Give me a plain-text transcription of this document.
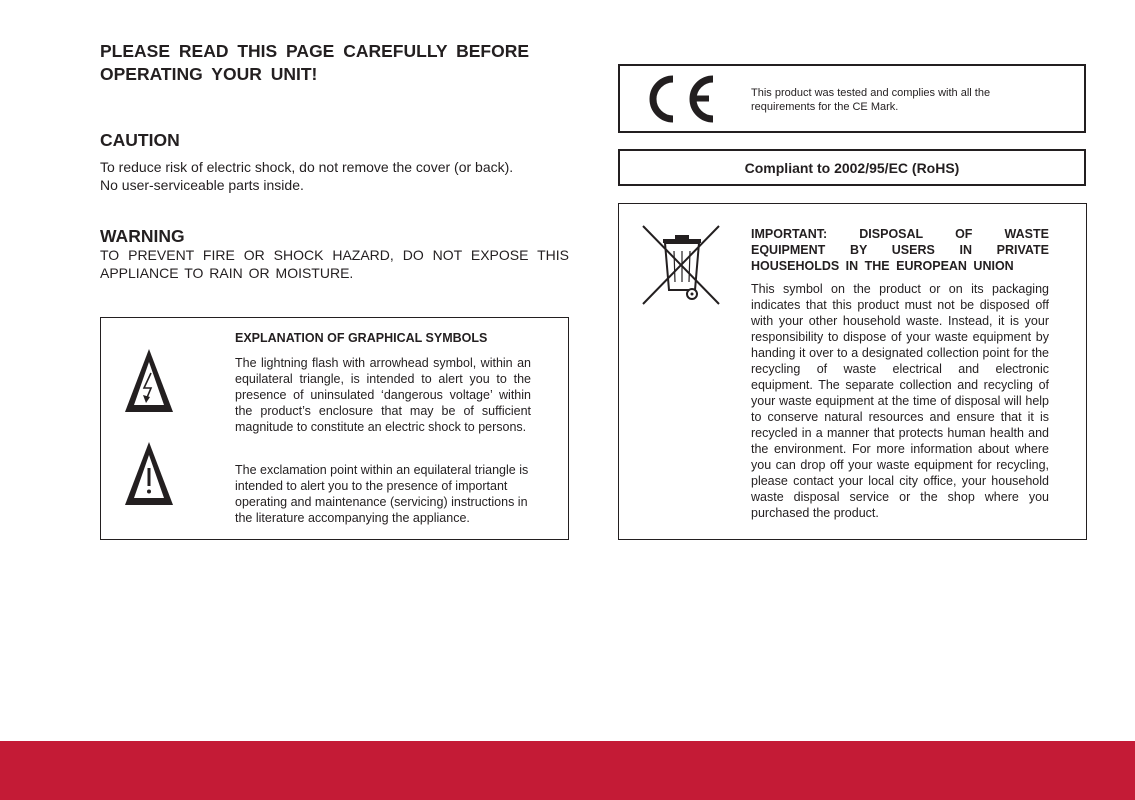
PLEASE READ THIS PAGE CAREFULLY BEFORE
OPERATING YOUR UNIT!
CAUTION
To reduce risk of electric shock, do not remove the cover (or back).
No user-serviceable parts inside.
WARNING
TO PREVENT FIRE OR SHOCK HAZARD, DO NOT EXPOSE THIS APPLIANCE TO RAIN OR MOISTURE.
EXPLANATION OF GRAPHICAL SYMBOLS
The lightning flash with arrowhead symbol, within an equilateral triangle, is intended to alert you to the presence of uninsulated ‘dangerous voltage’ within the product’s enclosure that may be of sufficient magnitude to constitute an electric shock to persons.
The exclamation point within an equilateral triangle is intended to alert you to the presence of important operating and maintenance (servicing) instructions in the literature accompanying the appliance.
This product was tested and complies with all the requirements for the CE Mark.
Compliant to 2002/95/EC (RoHS)
IMPORTANT: DISPOSAL OF WASTE EQUIPMENT BY USERS IN PRIVATE HOUSEHOLDS IN THE EUROPEAN UNION
This symbol on the product or on its packaging indicates that this product must not be disposed off with your other household waste. Instead, it is your responsibility to dispose of your waste equipment by handing it over to a designated collection point for the recycling of waste electrical and electronic equipment. The separate collection and recycling of your waste equipment at the time of disposal will help to conserve natural resources and ensure that it is recycled in a manner that protects human health and the environment. For more information about where you can drop off your waste equipment for recycling, please contact your local city office, your household waste disposal service or the shop where you purchased the product.
